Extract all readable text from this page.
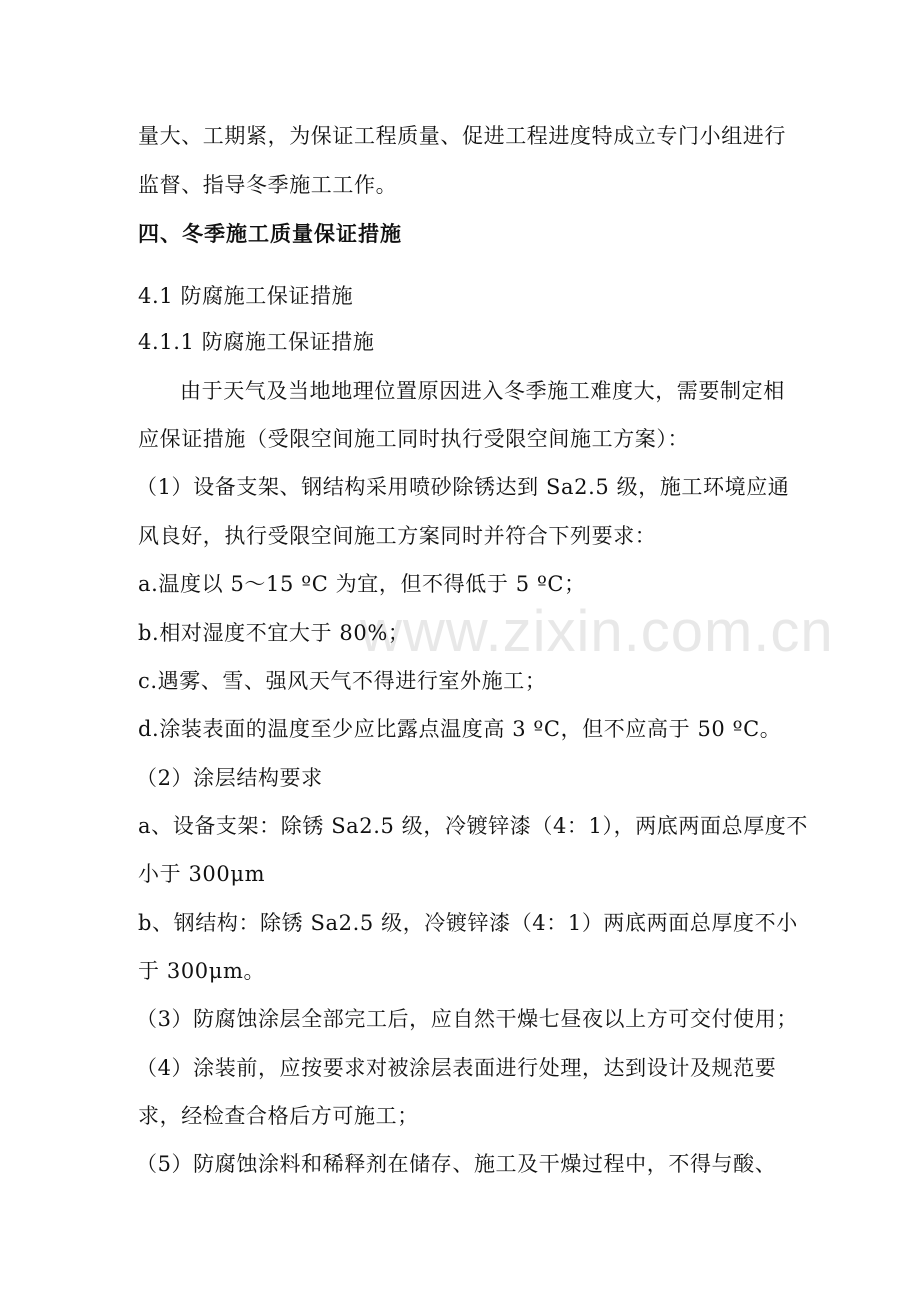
www.zixin.com.cn
量大、工期紧，为保证工程质量、促进工程进度特成立专门小组进行
监督、指导冬季施工工作。
四、冬季施工质量保证措施
4.1 防腐施工保证措施
4.1.1 防腐施工保证措施
由于天气及当地地理位置原因进入冬季施工难度大，需要制定相
应保证措施（受限空间施工同时执行受限空间施工方案）：
（1）设备支架、钢结构采用喷砂除锈达到 Sa2.5 级，施工环境应通
风良好，执行受限空间施工方案同时并符合下列要求：
a.温度以 5～15 ºC 为宜，但不得低于 5 ºC；
b.相对湿度不宜大于 80%；
c.遇雾、雪、强风天气不得进行室外施工；
d.涂装表面的温度至少应比露点温度高 3 ºC，但不应高于 50 ºC。
（2）涂层结构要求
a、设备支架：除锈 Sa2.5 级，冷镀锌漆（4：1），两底两面总厚度不
小于 300μm
b、钢结构：除锈 Sa2.5 级，冷镀锌漆（4：1）两底两面总厚度不小
于 300μm。
（3）防腐蚀涂层全部完工后，应自然干燥七昼夜以上方可交付使用；
（4）涂装前，应按要求对被涂层表面进行处理，达到设计及规范要
求，经检查合格后方可施工；
（5）防腐蚀涂料和稀释剂在储存、施工及干燥过程中，不得与酸、
